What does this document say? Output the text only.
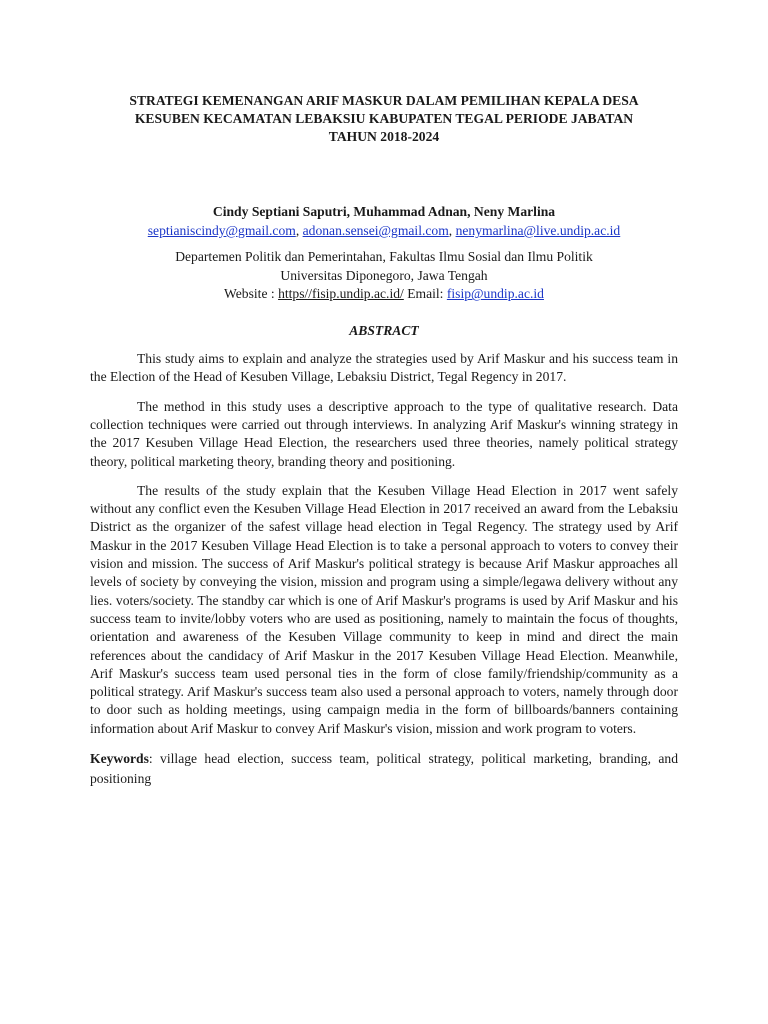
STRATEGI KEMENANGAN ARIF MASKUR DALAM PEMILIHAN KEPALA DESA

KESUBEN KECAMATAN LEBAKSIU KABUPATEN TEGAL PERIODE JABATAN

TAHUN 2018-2024

Cindy Septiani Saputri, Muhammad Adnan, Neny Marlina
septianiscindy@gmail.com, adonan.sensei@gmail.com, nenymarlina@live.undip.ac.id
Departemen Politik dan Pemerintahan, Fakultas Ilmu Sosial dan Ilmu Politik
Universitas Diponegoro, Jawa Tengah
Website : https//fisip.undip.ac.id/ Email: fisip@undip.ac.id
ABSTRACT

This study aims to explain and analyze the strategies used by Arif Maskur and his success team in the Election of the Head of Kesuben Village, Lebaksiu District, Tegal Regency in 2017.

The method in this study uses a descriptive approach to the type of qualitative research. Data collection techniques were carried out through interviews. In analyzing Arif Maskur's winning strategy in the 2017 Kesuben Village Head Election, the researchers used three theories, namely political strategy theory, political marketing theory, branding theory and positioning.

The results of the study explain that the Kesuben Village Head Election in 2017 went safely without any conflict even the Kesuben Village Head Election in 2017 received an award from the Lebaksiu District as the organizer of the safest village head election in Tegal Regency. The strategy used by Arif Maskur in the 2017 Kesuben Village Head Election is to take a personal approach to voters to convey their vision and mission. The success of Arif Maskur's political strategy is because Arif Maskur approaches all levels of society by conveying the vision, mission and program using a simple/legawa delivery without any lies. voters/society. The standby car which is one of Arif Maskur's programs is used by Arif Maskur and his success team to invite/lobby voters who are used as positioning, namely to maintain the focus of thoughts, orientation and awareness of the Kesuben Village community to keep in mind and direct the main references about the candidacy of Arif Maskur in the 2017 Kesuben Village Head Election. Meanwhile, Arif Maskur's success team used personal ties in the form of close family/friendship/community as a political strategy. Arif Maskur's success team also used a personal approach to voters, namely through door to door such as holding meetings, using campaign media in the form of billboards/banners containing information about Arif Maskur to convey Arif Maskur's vision, mission and work program to voters.

Keywords: village head election, success team, political strategy, political marketing, branding, and positioning
